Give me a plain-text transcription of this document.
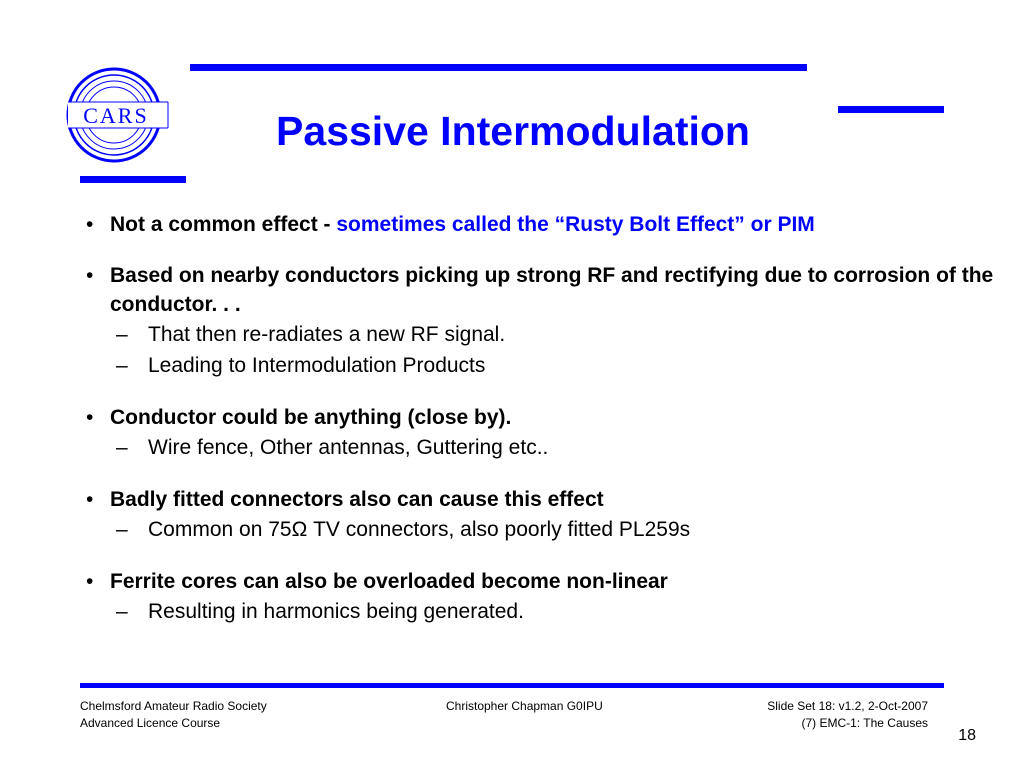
CARS	Passive Intermodulation
• Not a common effect - sometimes called the “Rusty Bolt Effect” or PIM
• Based on nearby conductors picking up strong RF and rectifying due to corrosion of the conductor. . .
– That then re-radiates a new RF signal.
– Leading to Intermodulation Products
• Conductor could be anything (close by).
– Wire fence, Other antennas, Guttering etc..
• Badly fitted connectors also can cause this effect
– Common on 75Ω TV connectors, also poorly fitted PL259s
• Ferrite cores can also be overloaded become non-linear
– Resulting in harmonics being generated.
Chelmsford Amateur Radio Society
Advanced Licence Course
Christopher Chapman G0IPU	Slide Set 18: v1.2, 2-Oct-2007
(7) EMC-1: The Causes
18
